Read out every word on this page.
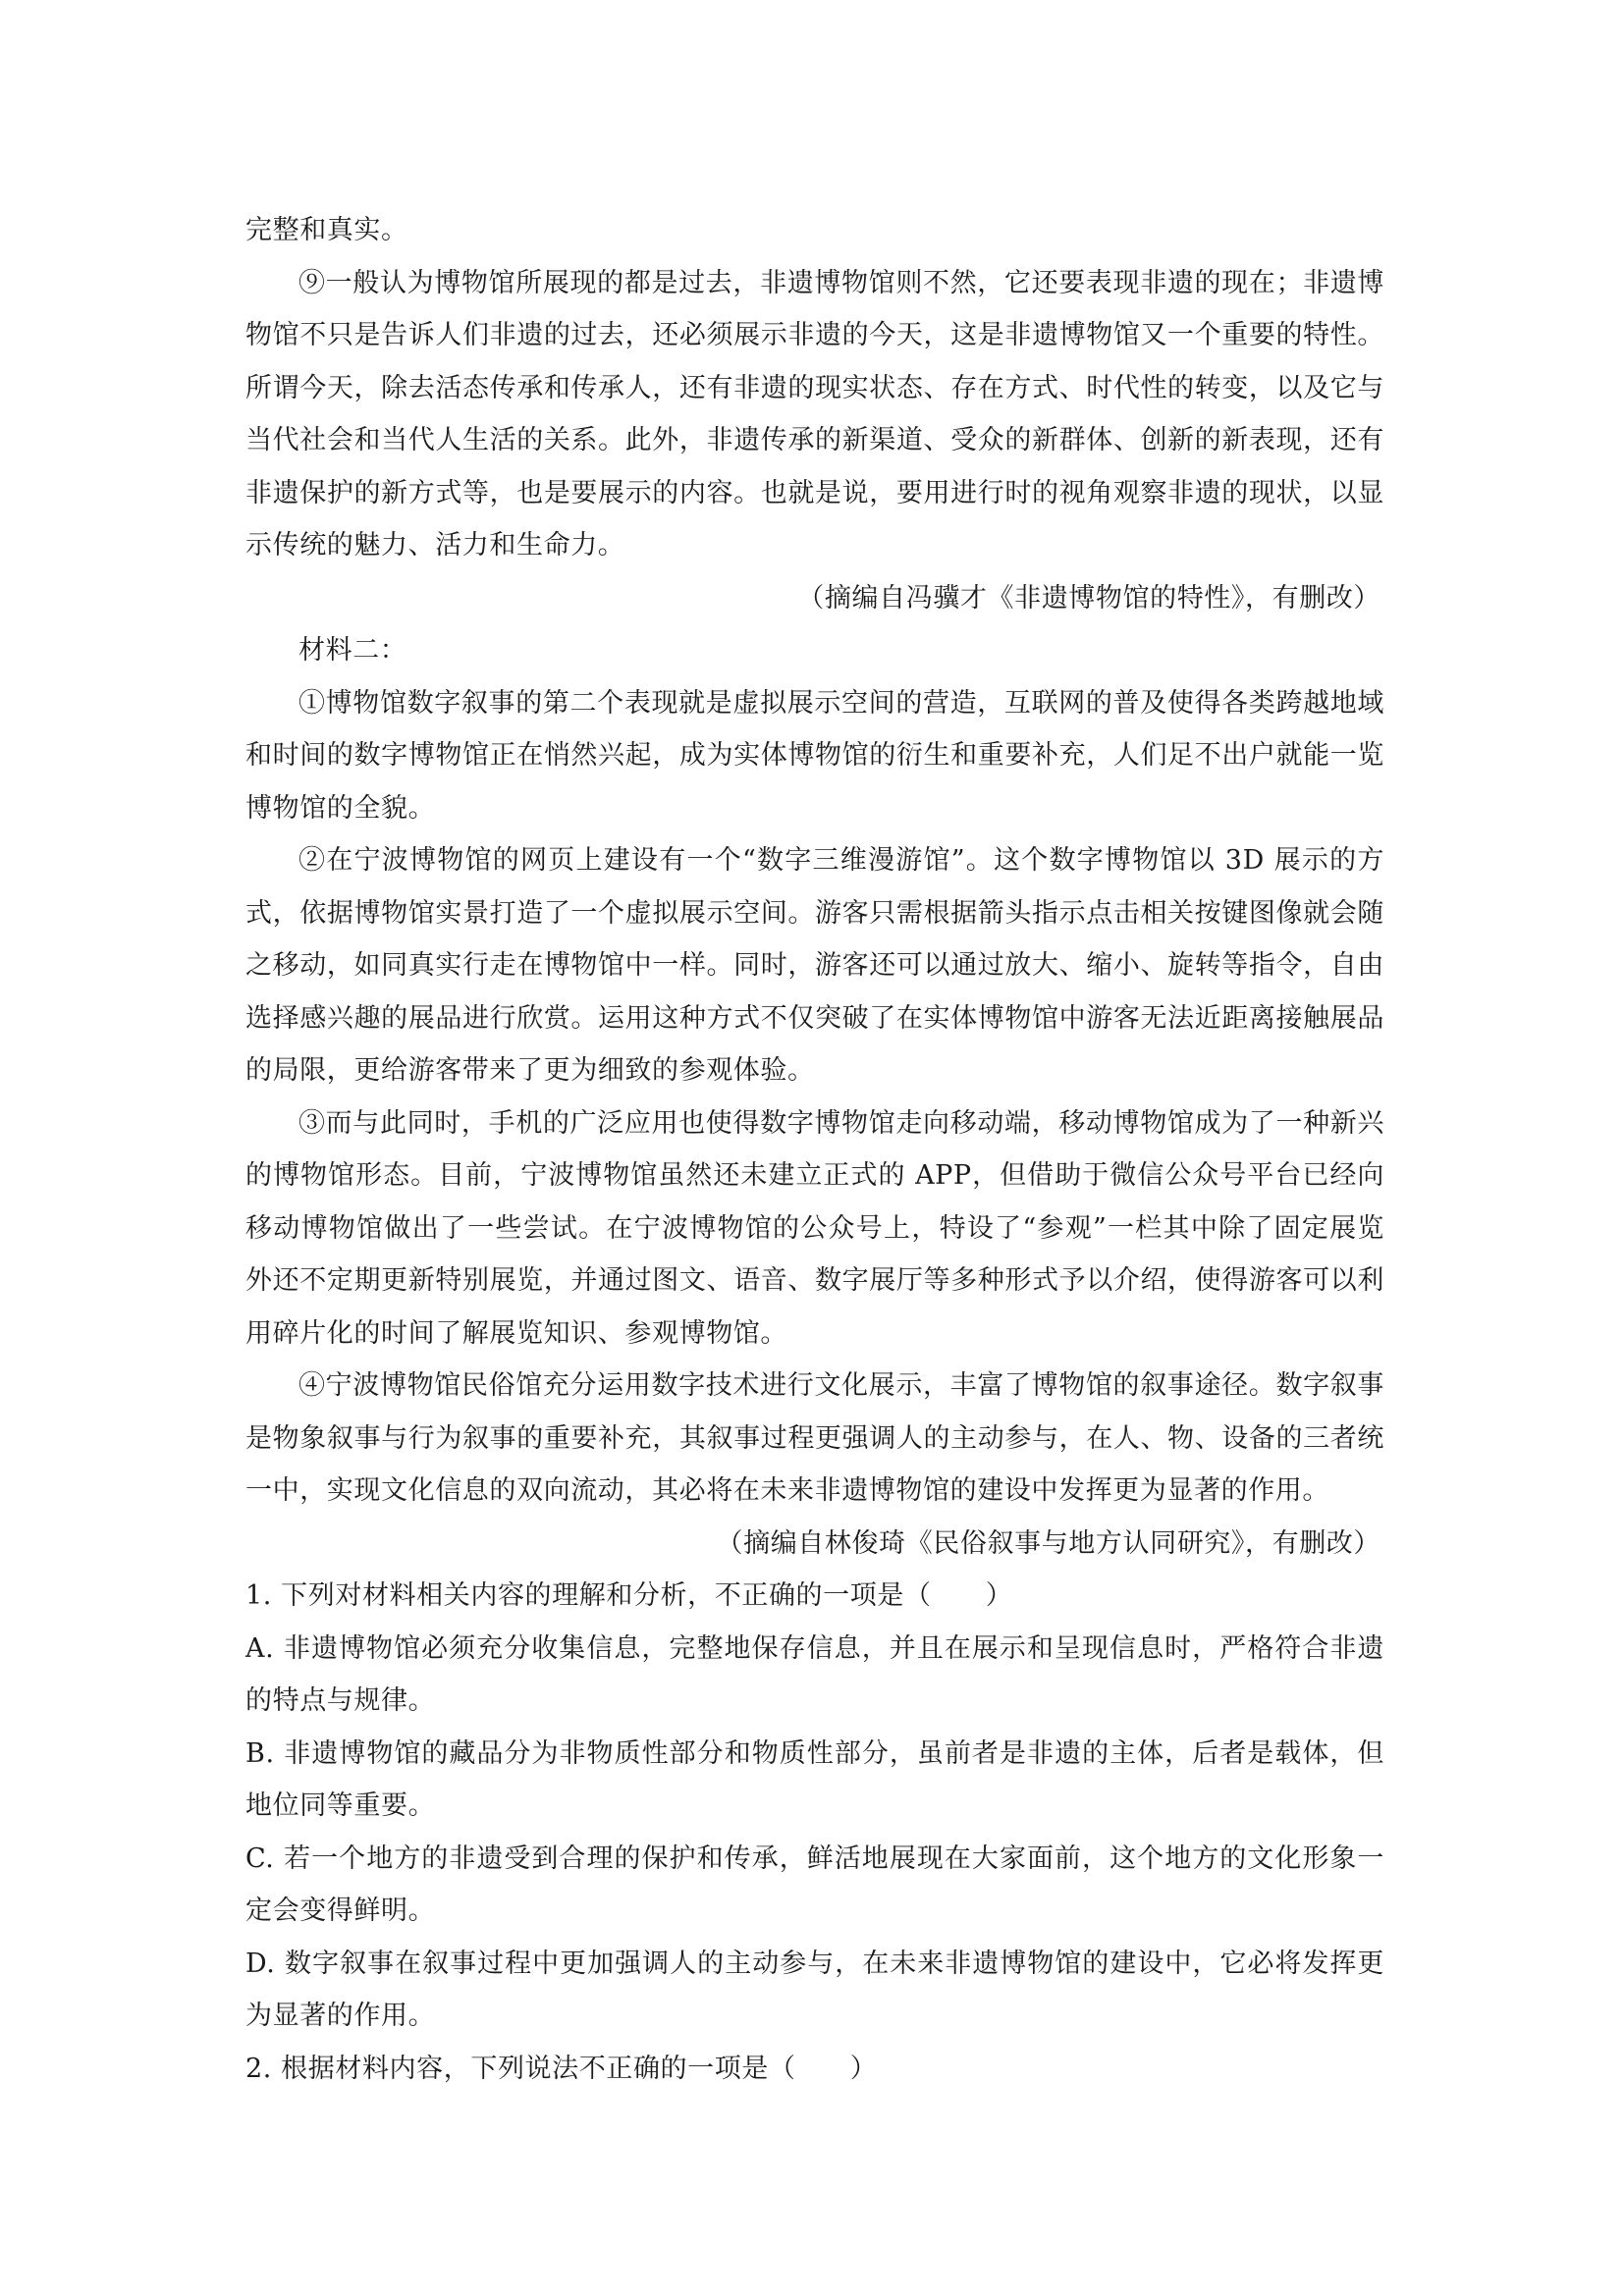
完整和真实。

⑨一般认为博物馆所展现的都是过去，非遗博物馆则不然，它还要表现非遗的现在；非遗博物馆不只是告诉人们非遗的过去，还必须展示非遗的今天，这是非遗博物馆又一个重要的特性。所谓今天，除去活态传承和传承人，还有非遗的现实状态、存在方式、时代性的转变，以及它与当代社会和当代人生活的关系。此外，非遗传承的新渠道、受众的新群体、创新的新表现，还有非遗保护的新方式等，也是要展示的内容。也就是说，要用进行时的视角观察非遗的现状，以显示传统的魅力、活力和生命力。

（摘编自冯骥才《非遗博物馆的特性》，有删改）

材料二：

①博物馆数字叙事的第二个表现就是虚拟展示空间的营造，互联网的普及使得各类跨越地域和时间的数字博物馆正在悄然兴起，成为实体博物馆的衍生和重要补充，人们足不出户就能一览博物馆的全貌。

②在宁波博物馆的网页上建设有一个“数字三维漫游馆”。这个数字博物馆以 3D 展示的方式，依据博物馆实景打造了一个虚拟展示空间。游客只需根据箭头指示点击相关按键图像就会随之移动，如同真实行走在博物馆中一样。同时，游客还可以通过放大、缩小、旋转等指令，自由选择感兴趣的展品进行欣赏。运用这种方式不仅突破了在实体博物馆中游客无法近距离接触展品的局限，更给游客带来了更为细致的参观体验。

③而与此同时，手机的广泛应用也使得数字博物馆走向移动端，移动博物馆成为了一种新兴的博物馆形态。目前，宁波博物馆虽然还未建立正式的 APP，但借助于微信公众号平台已经向移动博物馆做出了一些尝试。在宁波博物馆的公众号上，特设了“参观”一栏其中除了固定展览外还不定期更新特别展览，并通过图文、语音、数字展厅等多种形式予以介绍，使得游客可以利用碎片化的时间了解展览知识、参观博物馆。

④宁波博物馆民俗馆充分运用数字技术进行文化展示，丰富了博物馆的叙事途径。数字叙事是物象叙事与行为叙事的重要补充，其叙事过程更强调人的主动参与，在人、物、设备的三者统一中，实现文化信息的双向流动，其必将在未来非遗博物馆的建设中发挥更为显著的作用。

（摘编自林俊琦《民俗叙事与地方认同研究》，有删改）

1. 下列对材料相关内容的理解和分析，不正确的一项是（　　）

A. 非遗博物馆必须充分收集信息，完整地保存信息，并且在展示和呈现信息时，严格符合非遗的特点与规律。

B. 非遗博物馆的藏品分为非物质性部分和物质性部分，虽前者是非遗的主体，后者是载体，但地位同等重要。

C. 若一个地方的非遗受到合理的保护和传承，鲜活地展现在大家面前，这个地方的文化形象一定会变得鲜明。

D. 数字叙事在叙事过程中更加强调人的主动参与，在未来非遗博物馆的建设中，它必将发挥更为显著的作用。

2. 根据材料内容，下列说法不正确的一项是（　　）
